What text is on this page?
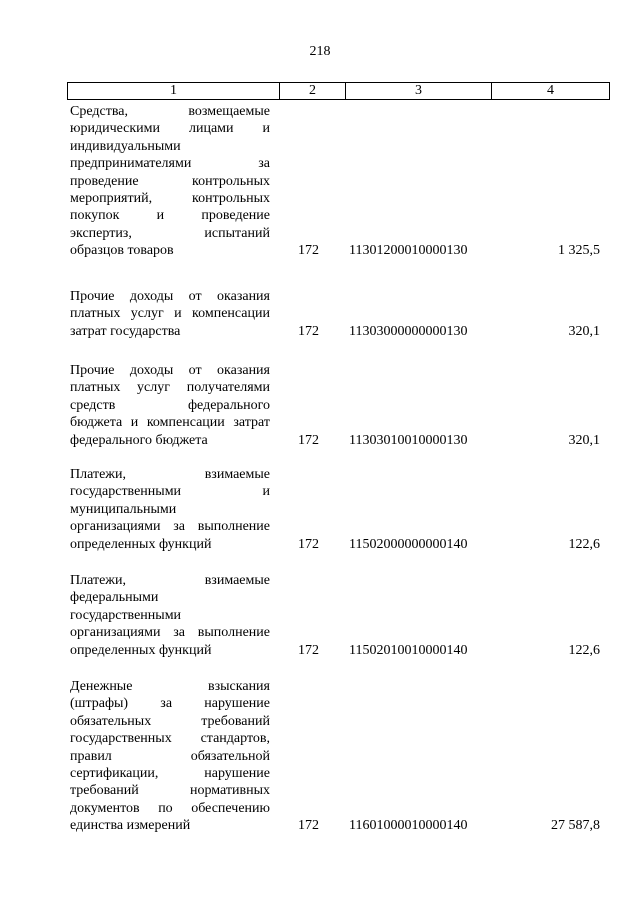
218
1	2	3	4
Средства, возмещаемые
юридическими лицами и
индивидуальными
предпринимателями за
проведение контрольных
мероприятий, контрольных
покупок и проведение
экспертиз, испытаний
образцов товаров	172	11301200010000130	1 325,5
Прочие доходы от оказания
платных услуг и компенсации
затрат государства	172	11303000000000130	320,1
Прочие доходы от оказания
платных услуг получателями
средств федерального
бюджета и компенсации затрат
федерального бюджета	172	11303010010000130	320,1
Платежи, взимаемые
государственными и
муниципальными
организациями за выполнение
определенных функций	172	11502000000000140	122,6
Платежи, взимаемые
федеральными
государственными
организациями за выполнение
определенных функций	172	11502010010000140	122,6
Денежные взыскания
(штрафы) за нарушение
обязательных требований
государственных стандартов,
правил обязательной
сертификации, нарушение
требований нормативных
документов по обеспечению
единства измерений	172	11601000010000140	27 587,8
